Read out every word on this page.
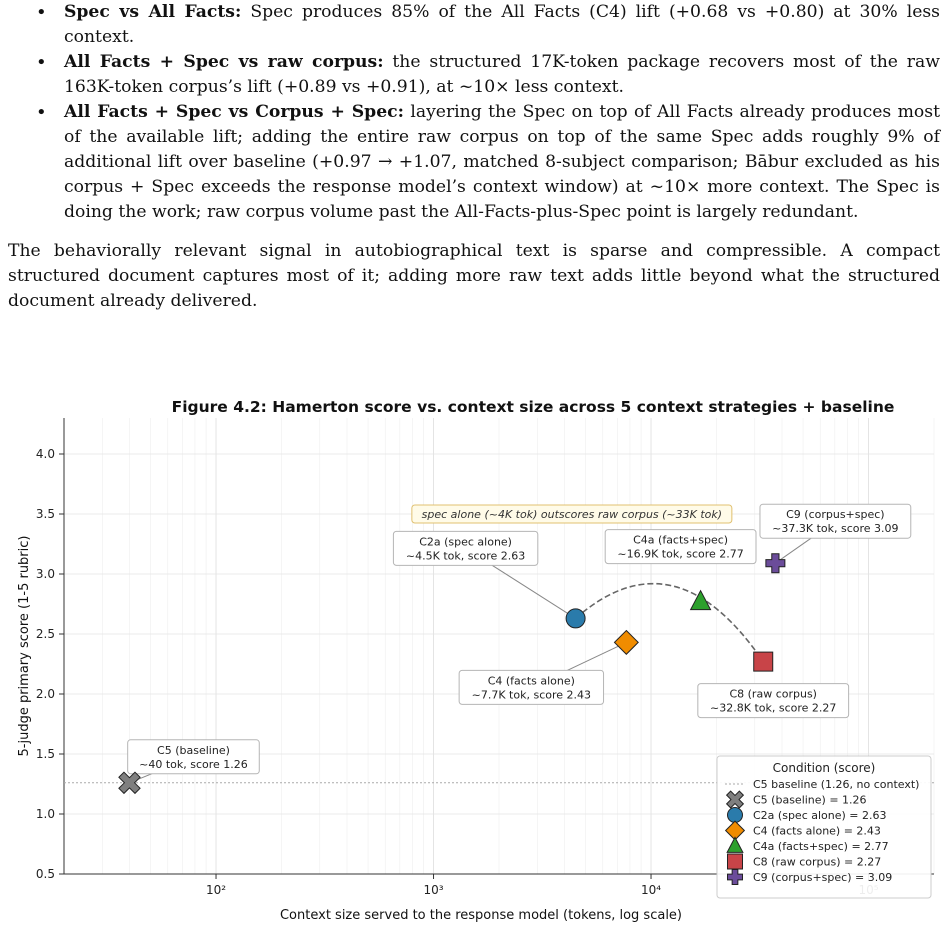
• Spec vs All Facts: Spec produces 85% of the All Facts (C4) lift (+0.68 vs +0.80) at 30% less context.
• All Facts + Spec vs raw corpus: the structured 17K-token package recovers most of the raw 163K-token corpus’s lift (+0.89 vs +0.91), at ~10× less context.
• All Facts + Spec vs Corpus + Spec: layering the Spec on top of All Facts already produces most of the available lift; adding the entire raw corpus on top of the same Spec adds roughly 9% of additional lift over baseline (+0.97 → +1.07, matched 8-subject comparison; Bābur excluded as his corpus + Spec exceeds the response model’s context window) at ~10× more context. The Spec is doing the work; raw corpus volume past the All-Facts-plus-Spec point is largely redundant.

The behaviorally relevant signal in autobiographical text is sparse and compressible. A compact structured document captures most of it; adding more raw text adds little beyond what the structured document already delivered.

10²	10³	10⁴
0.5
1.0
1.5
2.0
2.5
3.0
3.5
4.0
Figure 4.2: Hamerton score vs. context size across 5 context strategies + baseline
Context size served to the response model (tokens, log scale)
5-judge primary score (1-5 rubric)	C5 (baseline)
~40 tok, score 1.26
C2a (spec alone)
~4.5K tok, score 2.63
C4 (facts alone)
~7.7K tok, score 2.43
C4a (facts+spec)
~16.9K tok, score 2.77
C8 (raw corpus)
~32.8K tok, score 2.27
C9 (corpus+spec)
~37.3K tok, score 3.09
spec alone (~4K tok) outscores raw corpus (~33K tok)
Condition (score)
C5 baseline (1.26, no context)
C5 (baseline) = 1.26
C2a (spec alone) = 2.63
C4 (facts alone) = 2.43
C4a (facts+spec) = 2.77
C8 (raw corpus) = 2.27
C9 (corpus+spec) = 3.09
